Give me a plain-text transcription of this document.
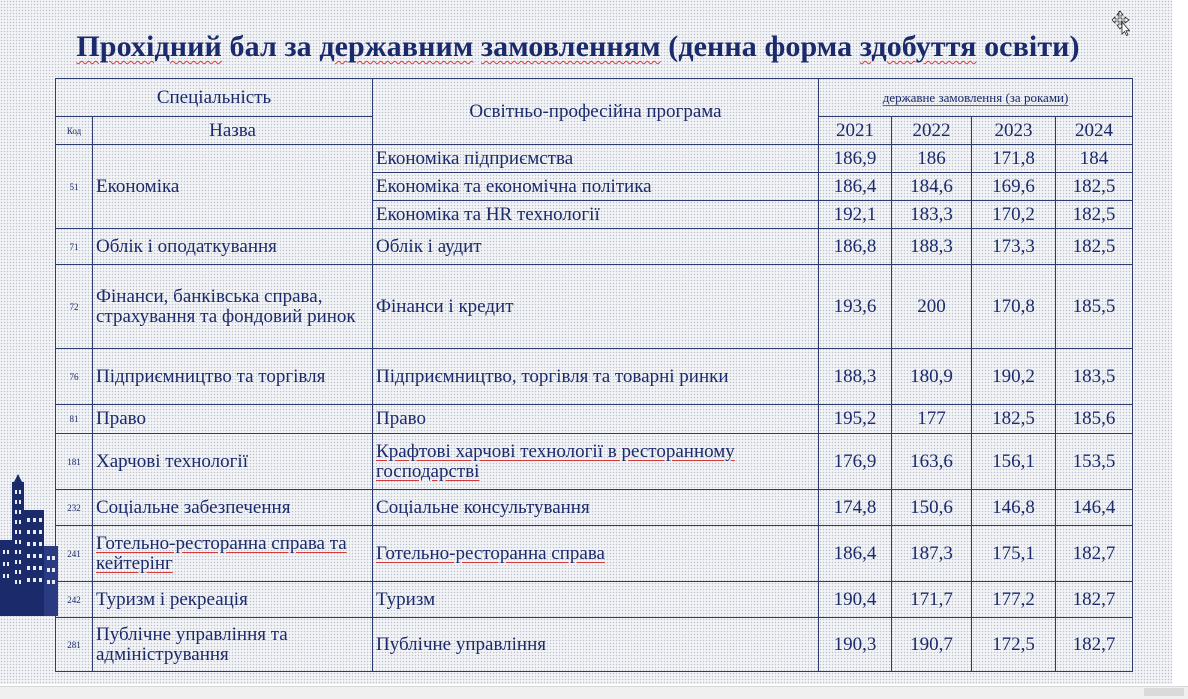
Прохідний бал за державним замовленням (денна форма здобуття освіти)
Спеціальність		Освітньо-професійна програма	державне замовлення (за роками)			
Код	Назва		2021	2022	2023	2024
51	Економіка	Економіка підприємства	186,9	186	171,8	184
		Економіка та економічна політика	186,4	184,6	169,6	182,5
		Економіка та HR технології	192,1	183,3	170,2	182,5
71	Облік і оподаткування	Облік і аудит	186,8	188,3	173,3	182,5
72	Фінанси, банківська справа, страхування та фондовий ринок	Фінанси і кредит	193,6	200	170,8	185,5
76	Підприємництво та торгівля	Підприємництво, торгівля та товарні ринки	188,3	180,9	190,2	183,5
81	Право	Право	195,2	177	182,5	185,6
181	Харчові технології	Крафтові харчові технології в ресторанному господарстві	176,9	163,6	156,1	153,5
232	Соціальне забезпечення	Соціальне консультування	174,8	150,6	146,8	146,4
241	Готельно-ресторанна справа та кейтерінг	Готельно-ресторанна справа	186,4	187,3	175,1	182,7
242	Туризм і рекреація	Туризм	190,4	171,7	177,2	182,7
281	Публічне управління та адміністрування	Публічне управління	190,3	190,7	172,5	182,7
